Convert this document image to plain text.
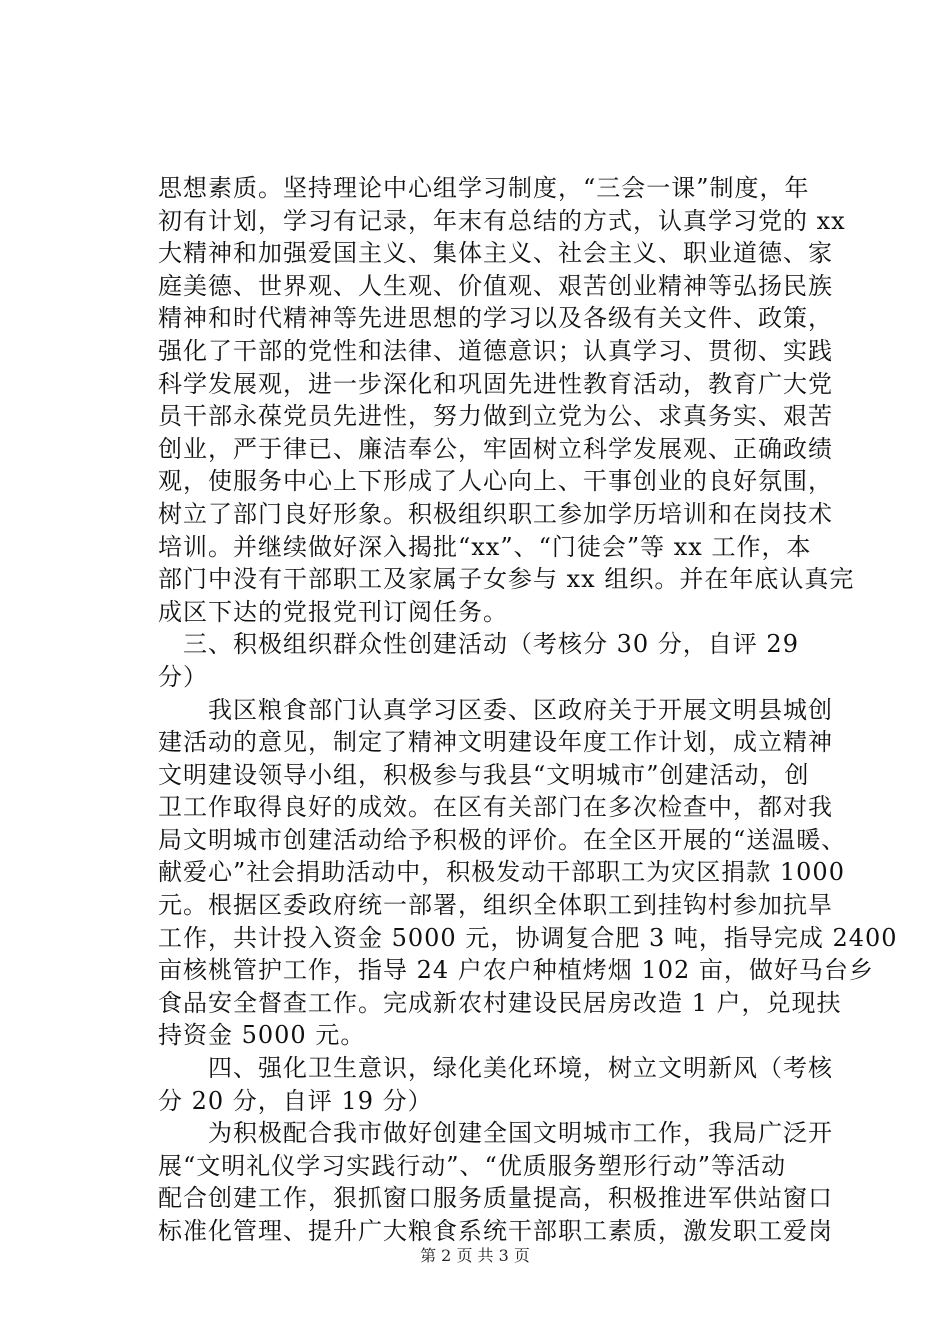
思想素质。坚持理论中心组学习制度，“三会一课”制度，年
初有计划，学习有记录，年末有总结的方式，认真学习党的 xx
大精神和加强爱国主义、集体主义、社会主义、职业道德、家
庭美德、世界观、人生观、价值观、艰苦创业精神等弘扬民族
精神和时代精神等先进思想的学习以及各级有关文件、政策，
强化了干部的党性和法律、道德意识；认真学习、贯彻、实践
科学发展观，进一步深化和巩固先进性教育活动，教育广大党
员干部永葆党员先进性，努力做到立党为公、求真务实、艰苦
创业，严于律已、廉洁奉公，牢固树立科学发展观、正确政绩
观，使服务中心上下形成了人心向上、干事创业的良好氛围，
树立了部门良好形象。积极组织职工参加学历培训和在岗技术
培训。并继续做好深入揭批“xx”、“门徒会”等 xx 工作，本
部门中没有干部职工及家属子女参与 xx 组织。并在年底认真完
成区下达的党报党刊订阅任务。
　三、积极组织群众性创建活动（考核分 30 分，自评 29
分）
　　我区粮食部门认真学习区委、区政府关于开展文明县城创
建活动的意见，制定了精神文明建设年度工作计划，成立精神
文明建设领导小组，积极参与我县“文明城市”创建活动，创
卫工作取得良好的成效。在区有关部门在多次检查中，都对我
局文明城市创建活动给予积极的评价。在全区开展的“送温暖、
献爱心”社会捐助活动中，积极发动干部职工为灾区捐款 1000
元。根据区委政府统一部署，组织全体职工到挂钩村参加抗旱
工作，共计投入资金 5000 元，协调复合肥 3 吨，指导完成 2400
亩核桃管护工作，指导 24 户农户种植烤烟 102 亩，做好马台乡
食品安全督查工作。完成新农村建设民居房改造 1 户，兑现扶
持资金 5000 元。
　　四、强化卫生意识，绿化美化环境，树立文明新风（考核
分 20 分，自评 19 分）
　　为积极配合我市做好创建全国文明城市工作，我局广泛开
展“文明礼仪学习实践行动”、“优质服务塑形行动”等活动
配合创建工作，狠抓窗口服务质量提高，积极推进军供站窗口
标准化管理、提升广大粮食系统干部职工素质，激发职工爱岗
第 2 页 共 3 页
